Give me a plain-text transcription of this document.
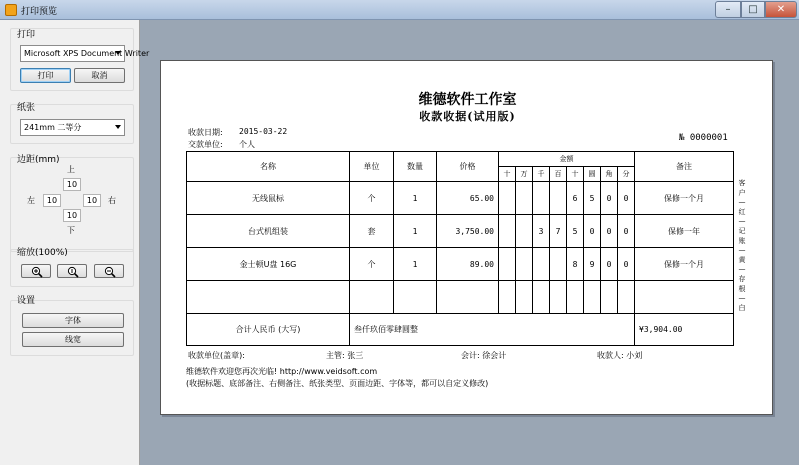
打印预览	–	□	✕
打印
Microsoft XPS Document Writer
打印	取消
纸张
241mm 二等分
边距(mm)
上
10
左	10	10	右
10
下
缩放(100%)
设置
字体
线宽
维德软件工作室
收款收据(试用版)
收款日期: 2015-03-22
交款单位: 个人
№ 0000001
名称	单位	数量	价格	金额								备注
				十	万	千	百	十	圆	角	分	
无线鼠标	个	1	65.00					6	5	0	0	保修一个月
台式机组装	套	1	3,750.00			3	7	5	0	0	0	保修一年
金士顿U盘 16G	个	1	89.00					8	9	0	0	保修一个月

合计人民币 (大写)	叁仟玖佰零肆圆整											¥3,904.00
客户—红—记账—黄—存根—白
收款单位(盖章):	主管: 张三	会计: 徐会计	收款人: 小刘
维德软件欢迎您再次光临! http://www.veidsoft.com
(收据标题、底部备注、右侧备注、纸张类型、页面边距、字体等，都可以自定义修改)
